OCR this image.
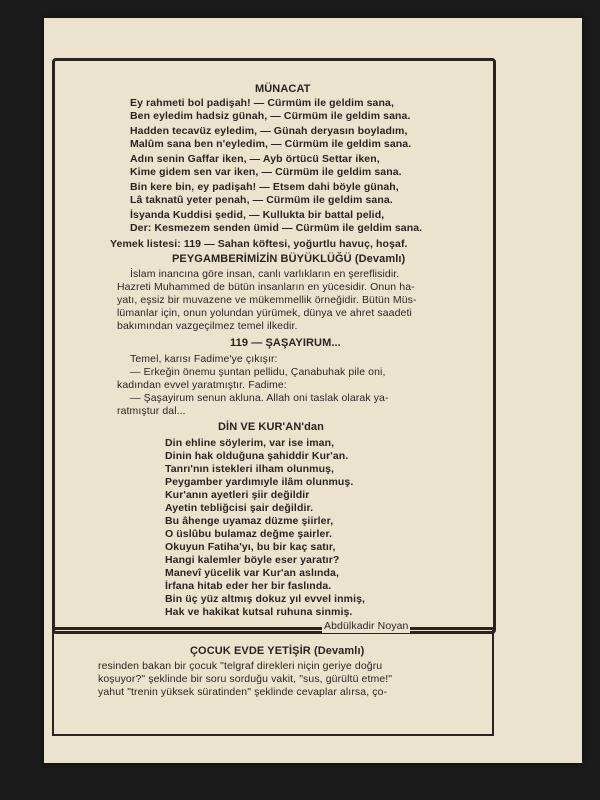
MÜNACAT
Ey rahmeti bol padişah! — Cürmüm ile geldim sana,
Ben eyledim hadsiz günah, — Cürmüm ile geldim sana.
Hadden tecavüz eyledim, — Günah deryasın boyladım,
Malûm sana ben n'eyledim, — Cürmüm ile geldim sana.
Adın senin Gaffar iken, — Ayb örtücü Settar iken,
Kime gidem sen var iken, — Cürmüm ile geldim sana.
Bin kere bin, ey padişah! — Etsem dahi böyle günah,
Lâ taknatû yeter penah, — Cürmüm ile geldim sana.
İsyanda Kuddisi şedid, — Kullukta bir battal pelid,
Der: Kesmezem senden ümid — Cürmüm ile geldim sana.
Yemek listesi: 119 — Sahan köftesi, yoğurtlu havuç, hoşaf.
PEYGAMBERİMİZİN BÜYÜKLÜĞÜ (Devamlı)
İslam inancına göre insan, canlı varlıkların en şereflisidir.
Hazreti Muhammed de bütün insanların en yücesidir. Onun ha-
yatı, eşsiz bir muvazene ve mükemmellik örneğidir. Bütün Müs-
lümanlar için, onun yolundan yürümek, dünya ve ahret saadeti
bakımından vazgeçilmez temel ilkedir.
119 — ŞAŞAYIRUM...
Temel, karısı Fadime'ye çıkışır:
— Erkeğin önemu şuntan pellidu, Çanabuhak pile oni,
kadından evvel yaratmıştır. Fadime:
— Şaşayirum senun akluna. Allah oni taslak olarak ya-
ratmıştur dal...
DİN VE KUR'AN'dan
Din ehline söylerim, var ise iman,
Dinin hak olduğuna şahiddir Kur'an.
Tanrı'nın istekleri ilham olunmuş,
Peygamber yardımıyle ilâm olunmuş.
Kur'anın ayetleri şiir değildir
Ayetin tebliğcisi şair değildir.
Bu âhenge uyamaz düzme şiirler,
O üslûbu bulamaz değme şairler.
Okuyun Fatiha'yı, bu bir kaç satır,
Hangi kalemler böyle eser yaratır?
Manevî yücelik var Kur'an aslında,
İrfana hitab eder her bir faslında.
Bin üç yüz altmış dokuz yıl evvel inmiş,
Hak ve hakikat kutsal ruhuna sinmiş.
Abdülkadir Noyan
ÇOCUK EVDE YETİŞİR (Devamlı)
resinden bakan bir çocuk "telgraf direkleri niçin geriye doğru
koşuyor?" şeklinde bir soru sorduğu vakit, "sus, gürültü etme!"
yahut "trenin yüksek süratinden" şeklinde cevaplar alırsa, ço-
